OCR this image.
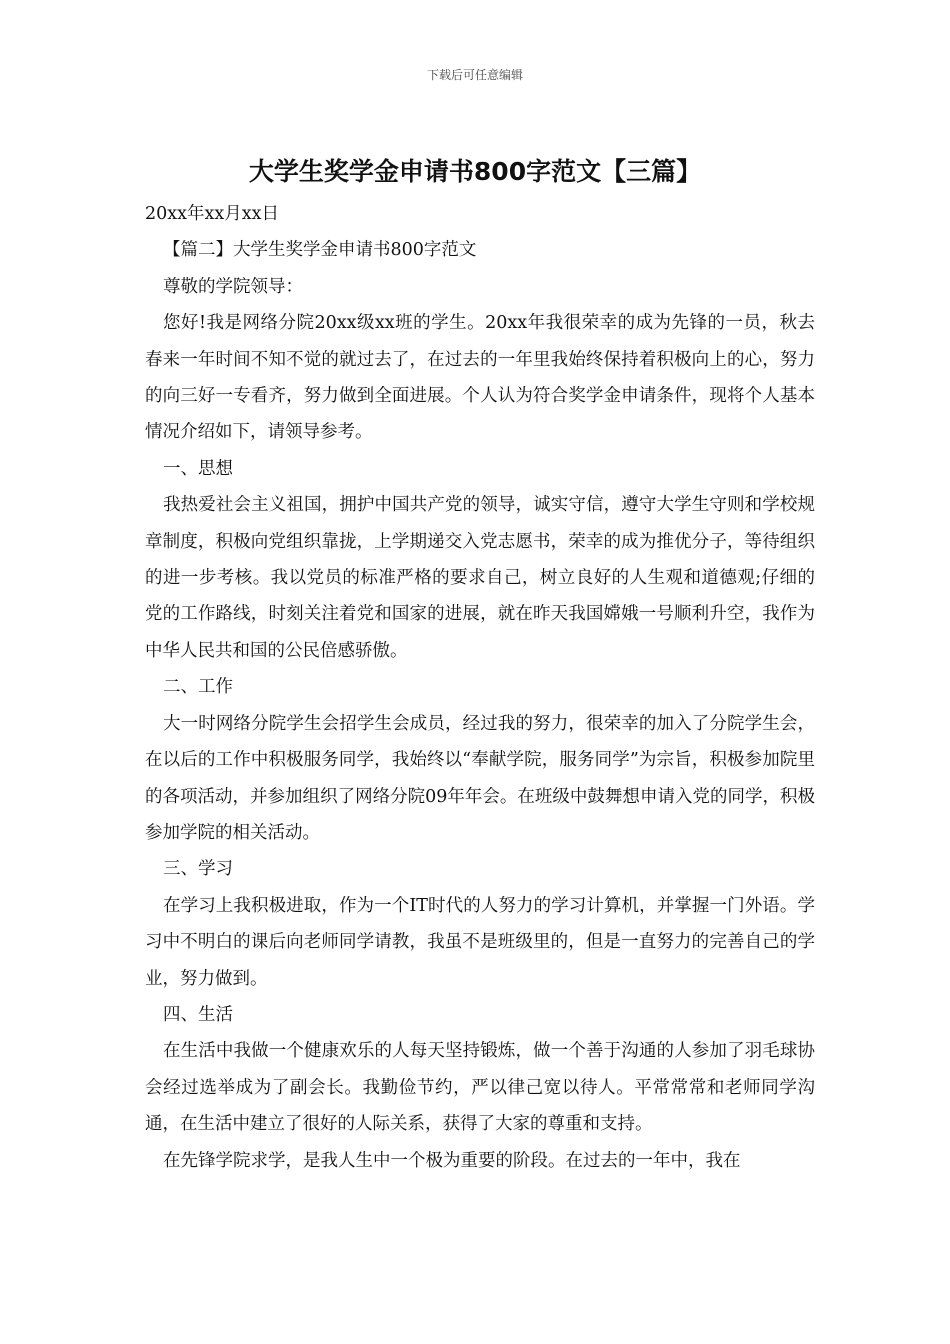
下载后可任意编辑
大学生奖学金申请书800字范文【三篇】

20xx年xx月xx日

【篇二】大学生奖学金申请书800字范文

尊敬的学院领导：

您好!我是网络分院20xx级xx班的学生。20xx年我很荣幸的成为先锋的一员，秋去春来一年时间不知不觉的就过去了，在过去的一年里我始终保持着积极向上的心，努力的向三好一专看齐，努力做到全面进展。个人认为符合奖学金申请条件，现将个人基本情况介绍如下，请领导参考。

一、思想

我热爱社会主义祖国，拥护中国共产党的领导，诚实守信，遵守大学生守则和学校规章制度，积极向党组织靠拢，上学期递交入党志愿书，荣幸的成为推优分子，等待组织的进一步考核。我以党员的标准严格的要求自己，树立良好的人生观和道德观;仔细的党的工作路线，时刻关注着党和国家的进展，就在昨天我国嫦娥一号顺利升空，我作为中华人民共和国的公民倍感骄傲。

二、工作

大一时网络分院学生会招学生会成员，经过我的努力，很荣幸的加入了分院学生会，在以后的工作中积极服务同学，我始终以“奉献学院，服务同学”为宗旨，积极参加院里的各项活动，并参加组织了网络分院09年年会。在班级中鼓舞想申请入党的同学，积极参加学院的相关活动。

三、学习

在学习上我积极进取，作为一个IT时代的人努力的学习计算机，并掌握一门外语。学习中不明白的课后向老师同学请教，我虽不是班级里的，但是一直努力的完善自己的学业，努力做到。

四、生活

在生活中我做一个健康欢乐的人每天坚持锻炼，做一个善于沟通的人参加了羽毛球协会经过选举成为了副会长。我勤俭节约，严以律己宽以待人。平常常常和老师同学沟通，在生活中建立了很好的人际关系，获得了大家的尊重和支持。

在先锋学院求学，是我人生中一个极为重要的阶段。在过去的一年中，我在
